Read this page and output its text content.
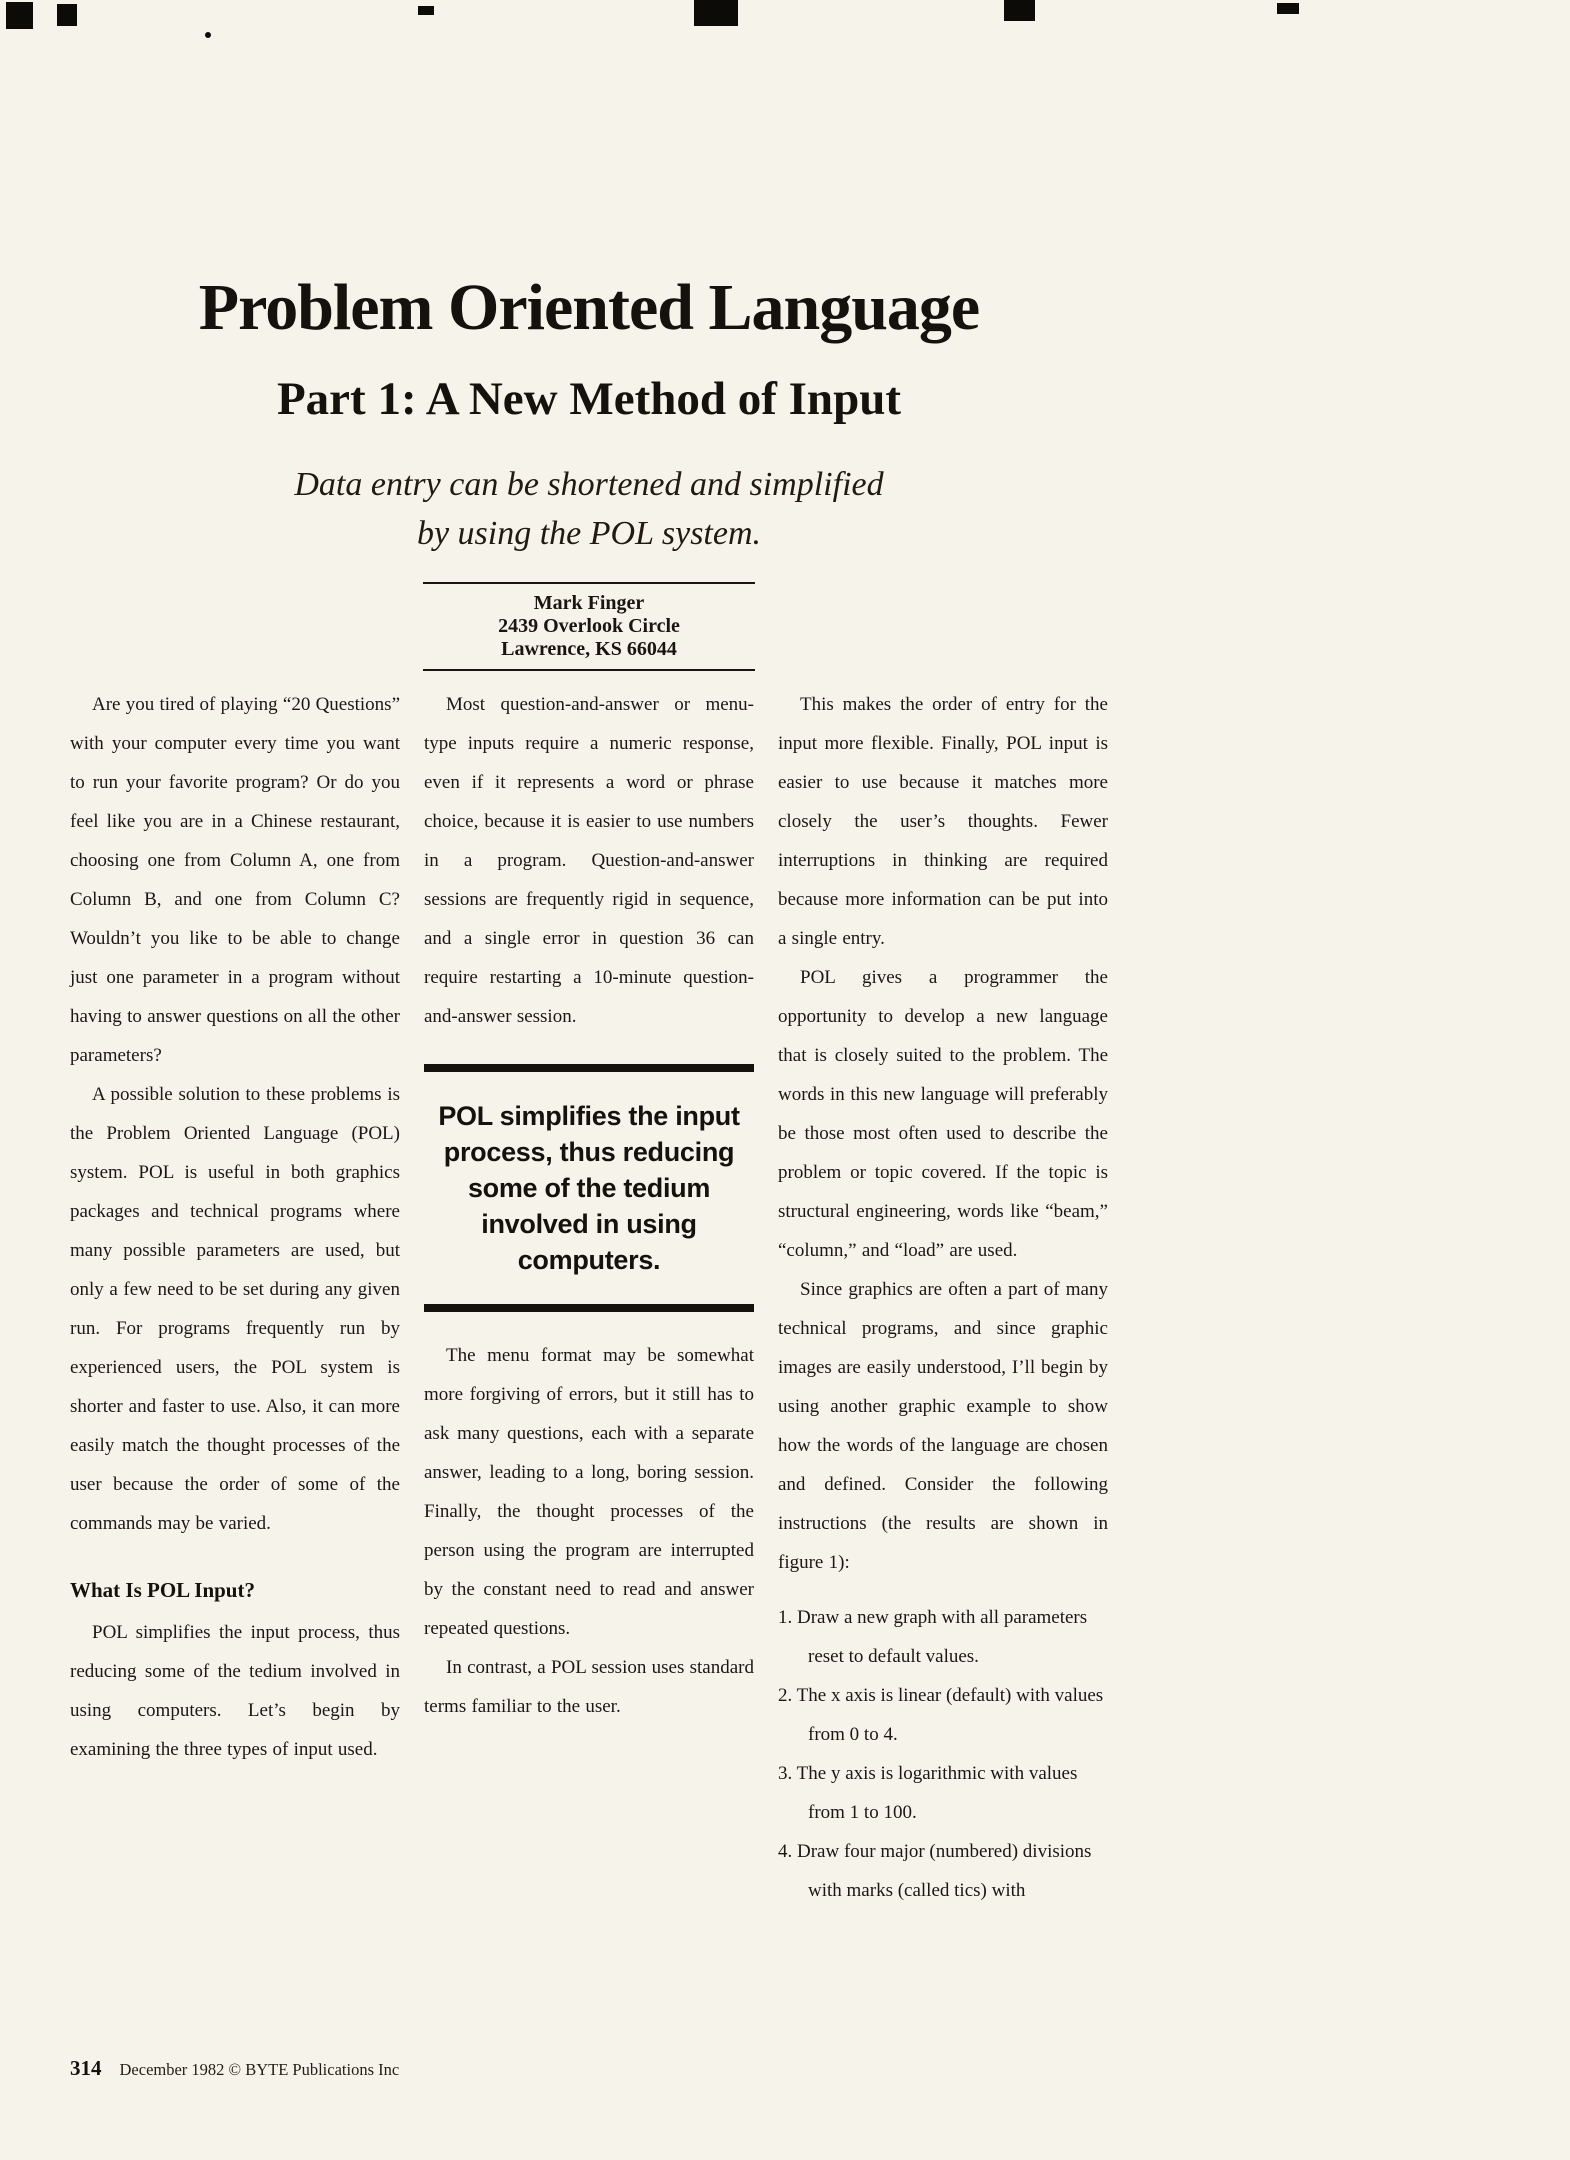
Problem Oriented Language
Part 1: A New Method of Input

Data entry can be shortened and simplified
by using the POL system.

Mark Finger
2439 Overlook Circle
Lawrence, KS 66044

Are you tired of playing “20 Questions” with your computer every time you want to run your favorite program? Or do you feel like you are in a Chinese restaurant, choosing one from Column A, one from Column B, and one from Column C? Wouldn’t you like to be able to change just one parameter in a program without having to answer questions on all the other parameters?

A possible solution to these problems is the Problem Oriented Language (POL) system. POL is useful in both graphics packages and technical programs where many possible parameters are used, but only a few need to be set during any given run. For programs frequently run by experienced users, the POL system is shorter and faster to use. Also, it can more easily match the thought processes of the user because the order of some of the commands may be varied.

What Is POL Input?

POL simplifies the input process, thus reducing some of the tedium involved in using computers. Let’s begin by examining the three types of input used.

Most question-and-answer or menu-type inputs require a numeric response, even if it represents a word or phrase choice, because it is easier to use numbers in a program. Question-and-answer sessions are frequently rigid in sequence, and a single error in question 36 can require restarting a 10-minute question-and-answer session.

POL simplifies the input process, thus reducing some of the tedium involved in using computers.

The menu format may be somewhat more forgiving of errors, but it still has to ask many questions, each with a separate answer, leading to a long, boring session. Finally, the thought processes of the person using the program are interrupted by the constant need to read and answer repeated questions.

In contrast, a POL session uses standard terms familiar to the user.

This makes the order of entry for the input more flexible. Finally, POL input is easier to use because it matches more closely the user’s thoughts. Fewer interruptions in thinking are required because more information can be put into a single entry.

POL gives a programmer the opportunity to develop a new language that is closely suited to the problem. The words in this new language will preferably be those most often used to describe the problem or topic covered. If the topic is structural engineering, words like “beam,” “column,” and “load” are used.

Since graphics are often a part of many technical programs, and since graphic images are easily understood, I’ll begin by using another graphic example to show how the words of the language are chosen and defined. Consider the following instructions (the results are shown in figure 1):

1. Draw a new graph with all parameters reset to default values.
2. The x axis is linear (default) with values from 0 to 4.
3. The y axis is logarithmic with values from 1 to 100.
4. Draw four major (numbered) divisions with marks (called tics) with
314 December 1982 © BYTE Publications Inc
